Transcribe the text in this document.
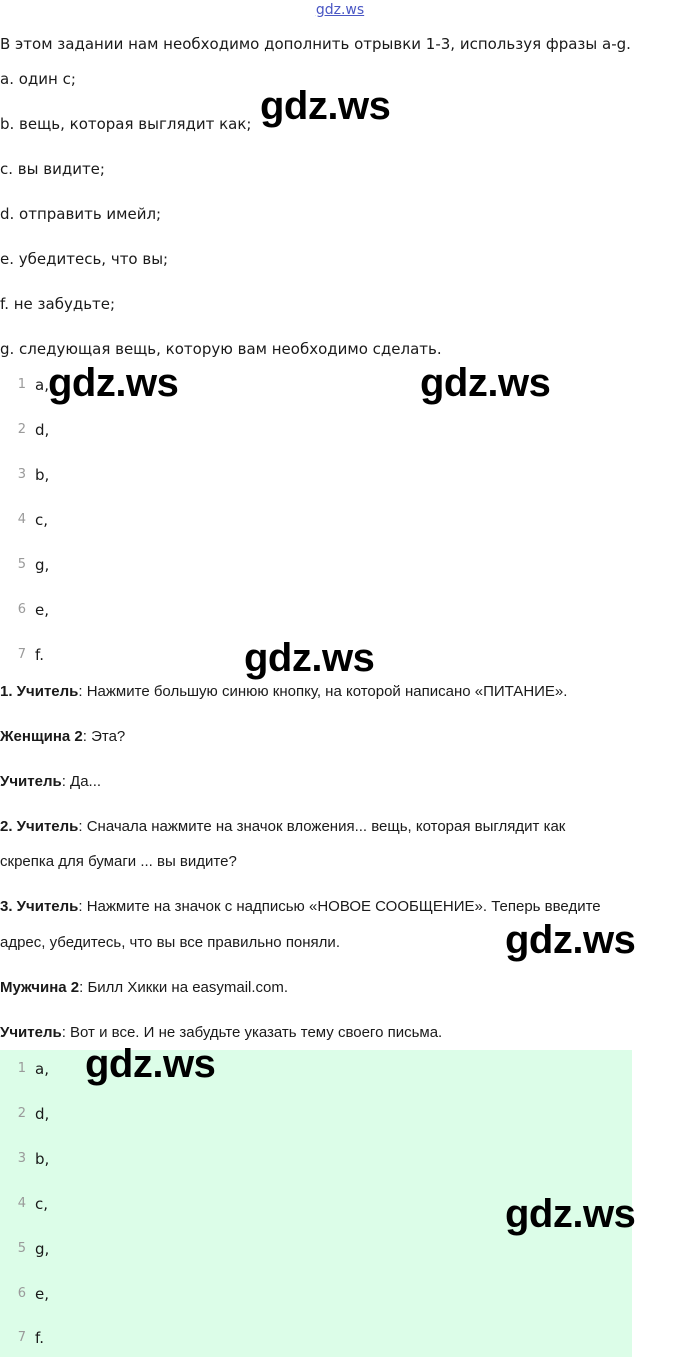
gdz.ws
В этом задании нам необходимо дополнить отрывки 1-3, используя фразы a-g.
a. один с;
b. вещь, которая выглядит как;
c. вы видите;
d. отправить имейл;
e. убедитесь, что вы;
f. не забудьте;
g. следующая вещь, которую вам необходимо сделать.
1 a,
2 d,
3 b,
4 c,
5 g,
6 e,
7 f.
1. Учитель: Нажмите большую синюю кнопку, на которой написано «ПИТАНИЕ».
Женщина 2: Эта?
Учитель: Да...
2. Учитель: Сначала нажмите на значок вложения... вещь, которая выглядит как
скрепка для бумаги ... вы видите?
3. Учитель: Нажмите на значок с надписью «НОВОЕ СООБЩЕНИЕ». Теперь введите
адрес, убедитесь, что вы все правильно поняли.
Мужчина 2: Билл Хикки на easymail.com.
Учитель: Вот и все. И не забудьте указать тему своего письма.
1 a,
2 d,
3 b,
4 c,
5 g,
6 e,
7 f.
gdz.ws
gdz.ws	gdz.ws
gdz.ws
gdz.ws
gdz.ws
gdz.ws
